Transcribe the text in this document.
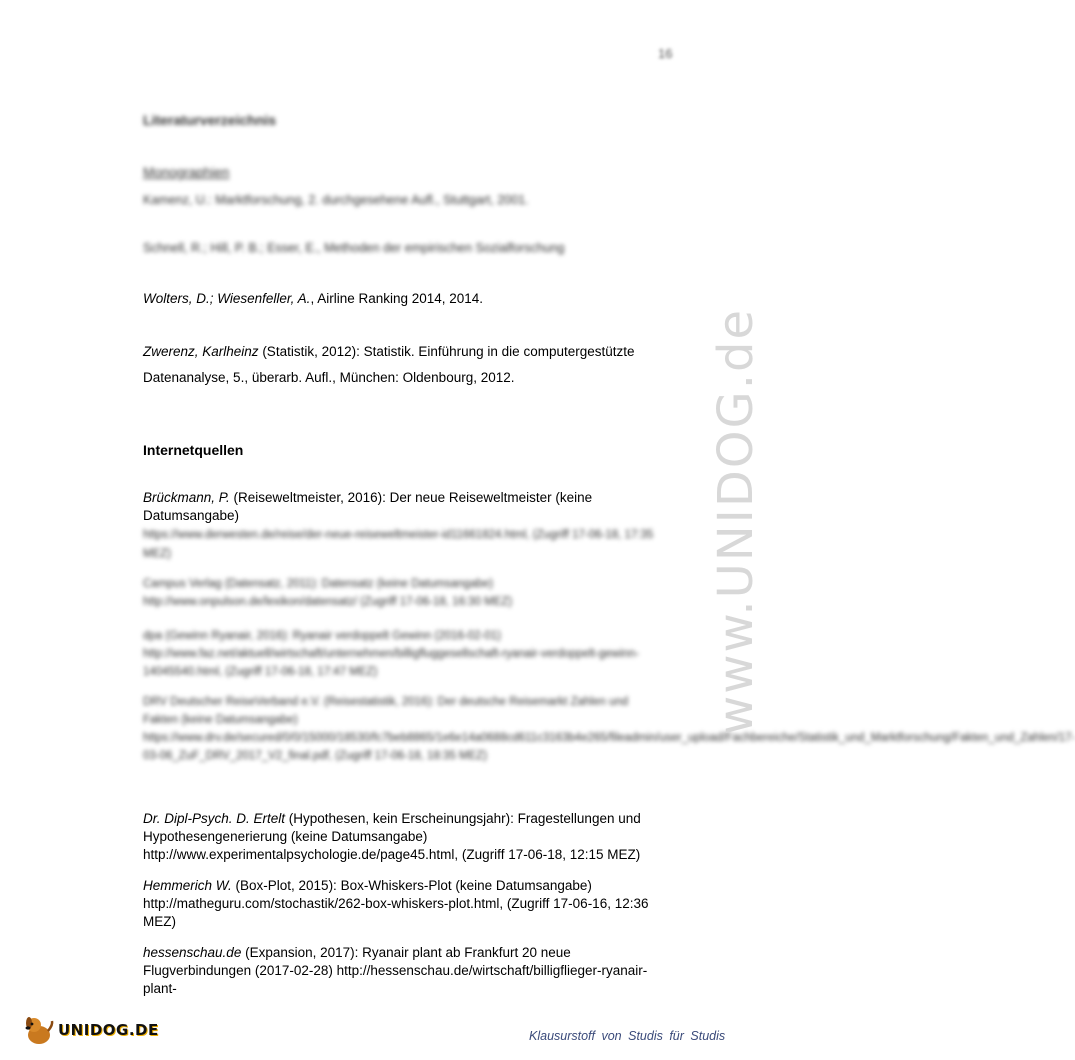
16
Literaturverzeichnis
Monographien
Kamenz, U.: Marktforschung, 2. durchgesehene Aufl., Stuttgart, 2001.
Schnell, R.; Hill, P. B.; Esser, E., Methoden der empirischen Sozialforschung
Wolters, D.; Wiesenfeller, A., Airline Ranking 2014, 2014.
Zwerenz, Karlheinz (Statistik, 2012): Statistik. Einführung in die computergestützte Datenanalyse, 5., überarb. Aufl., München: Oldenbourg, 2012.
Internetquellen
Brückmann, P. (Reiseweltmeister, 2016): Der neue Reiseweltmeister (keine Datumsangabe)
https://www.derwesten.de/reise/der-neue-reiseweltmeister-id11661824.html, (Zugriff 17-06-18, 17:35 MEZ)
Campus Verlag (Datensatz, 2011): Datensatz (keine Datumsangabe) http://www.onpulson.de/lexikon/datensatz/ (Zugriff 17-06-18, 16:30 MEZ)
dpa (Gewinn Ryanair, 2016): Ryanair verdoppelt Gewinn (2016-02-01) http://www.faz.net/aktuell/wirtschaft/unternehmen/billigfluggesellschaft-ryanair-verdoppelt-gewinn-14045540.html, (Zugriff 17-06-18, 17:47 MEZ)
DRV Deutscher ReiseVerband e.V. (Reisestatistik, 2016): Der deutsche Reisemarkt Zahlen und Fakten (keine Datumsangabe) https://www.drv.de/secured/0/0/15000/18530/fc7beb8865/1e6e14a0688cd611c3163b4e265/fileadmin/user_upload/Fachbereiche/Statistik_und_Marktforschung/Fakten_und_Zahlen/17-03-06_ZuF_DRV_2017_V2_final.pdf, (Zugriff 17-06-18, 18:35 MEZ)
Dr. Dipl-Psych. D. Ertelt (Hypothesen, kein Erscheinungsjahr): Fragestellungen und Hypothesengenerierung (keine Datumsangabe) http://www.experimentalpsychologie.de/page45.html, (Zugriff 17-06-18, 12:15 MEZ)
Hemmerich W. (Box-Plot, 2015): Box-Whiskers-Plot (keine Datumsangabe) http://matheguru.com/stochastik/262-box-whiskers-plot.html, (Zugriff 17-06-16, 12:36 MEZ)
hessenschau.de (Expansion, 2017): Ryanair plant ab Frankfurt 20 neue Flugverbindungen (2017-02-28) http://hessenschau.de/wirtschaft/billigflieger-ryanair-plant-
www.UNIDOG.de
UNIDOG.DE	Klausurstoff von Studis für Studis
